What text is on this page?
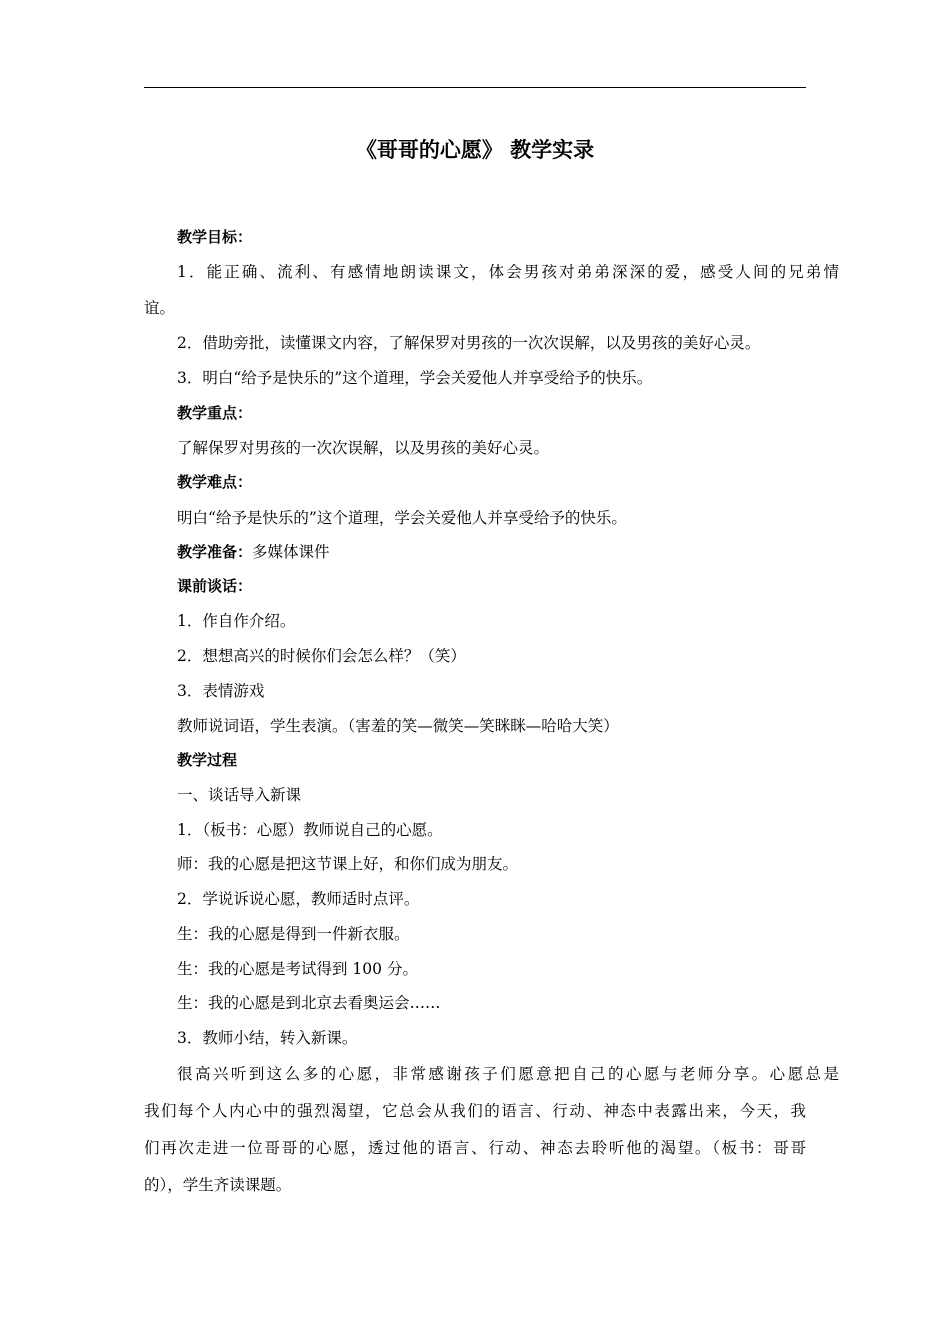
《哥哥的心愿》 教学实录
教学目标：
1．能正确、流利、有感情地朗读课文，体会男孩对弟弟深深的爱，感受人间的兄弟情
谊。
2．借助旁批，读懂课文内容，了解保罗对男孩的一次次误解，以及男孩的美好心灵。
3．明白“给予是快乐的”这个道理，学会关爱他人并享受给予的快乐。
教学重点：
了解保罗对男孩的一次次误解，以及男孩的美好心灵。
教学难点：
明白“给予是快乐的”这个道理，学会关爱他人并享受给予的快乐。
教学准备：多媒体课件
课前谈话：
1．作自作介绍。
2．想想高兴的时候你们会怎么样？（笑）
3．表情游戏
教师说词语，学生表演。（害羞的笑—微笑—笑眯眯—哈哈大笑）
教学过程
一、谈话导入新课
1．（板书：心愿）教师说自己的心愿。
师：我的心愿是把这节课上好，和你们成为朋友。
2．学说诉说心愿，教师适时点评。
生：我的心愿是得到一件新衣服。
生：我的心愿是考试得到 100 分。
生：我的心愿是到北京去看奥运会……
3．教师小结，转入新课。
很高兴听到这么多的心愿，非常感谢孩子们愿意把自己的心愿与老师分享。心愿总是
我们每个人内心中的强烈渴望，它总会从我们的语言、行动、神态中表露出来，今天，我
们再次走进一位哥哥的心愿，透过他的语言、行动、神态去聆听他的渴望。（板书：哥哥
的），学生齐读课题。
